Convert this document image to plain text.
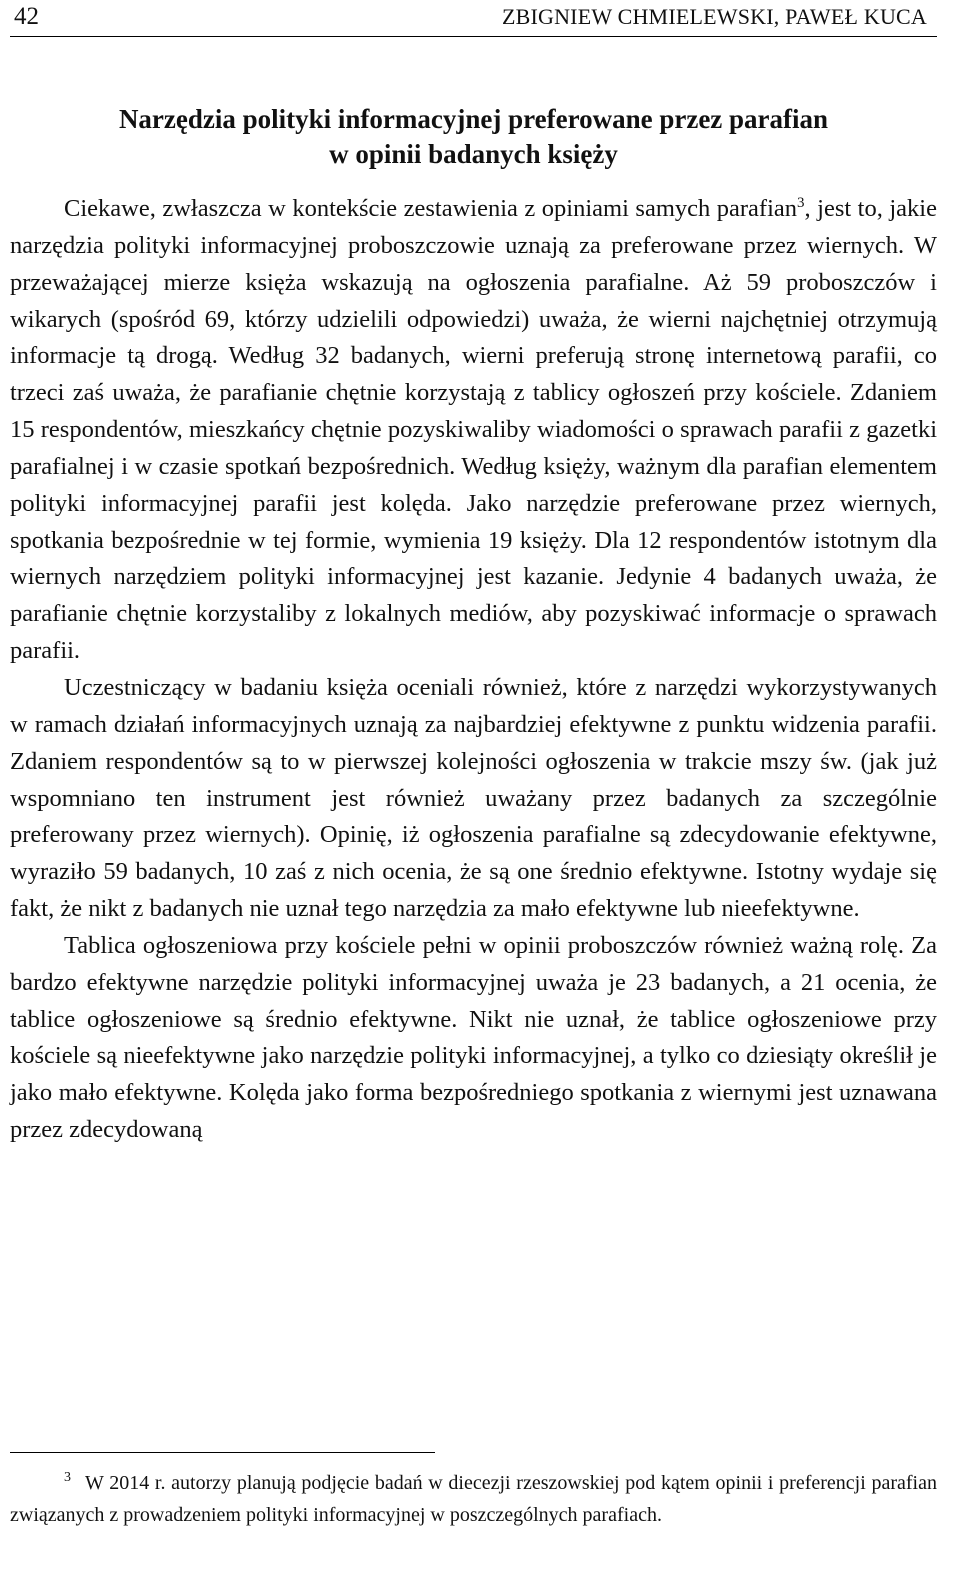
42	ZBIGNIEW CHMIELEWSKI, PAWEŁ KUCA
Narzędzia polityki informacyjnej preferowane przez parafian
w opinii badanych księży

Ciekawe, zwłaszcza w kontekście zestawienia z opiniami samych parafian$^3$, jest to, jakie narzędzia polityki informacyjnej proboszczowie uznają za preferowane przez wiernych. W przeważającej mierze księża wskazują na ogłoszenia parafialne. Aż 59 proboszczów i wikarych (spośród 69, którzy udzielili odpowiedzi) uważa, że wierni najchętniej otrzymują informacje tą drogą. Według 32 badanych, wierni preferują stronę internetową parafii, co trzeci zaś uważa, że parafianie chętnie korzystają z tablicy ogłoszeń przy kościele. Zdaniem 15 respondentów, mieszkańcy chętnie pozyskiwaliby wiadomości o sprawach parafii z gazetki parafialnej i w czasie spotkań bezpośrednich. Według księży, ważnym dla parafian elementem polityki informacyjnej parafii jest kolęda. Jako narzędzie preferowane przez wiernych, spotkania bezpośrednie w tej formie, wymienia 19 księży. Dla 12 respondentów istotnym dla wiernych narzędziem polityki informacyjnej jest kazanie. Jedynie 4 badanych uważa, że parafianie chętnie korzystaliby z lokalnych mediów, aby pozyskiwać informacje o sprawach parafii.

Uczestniczący w badaniu księża oceniali również, które z narzędzi wykorzystywanych w ramach działań informacyjnych uznają za najbardziej efektywne z punktu widzenia parafii. Zdaniem respondentów są to w pierwszej kolejności ogłoszenia w trakcie mszy św. (jak już wspomniano ten instrument jest również uważany przez badanych za szczególnie preferowany przez wiernych). Opinię, iż ogłoszenia parafialne są zdecydowanie efektywne, wyraziło 59 badanych, 10 zaś z nich ocenia, że są one średnio efektywne. Istotny wydaje się fakt, że nikt z badanych nie uznał tego narzędzia za mało efektywne lub nieefektywne.

Tablica ogłoszeniowa przy kościele pełni w opinii proboszczów również ważną rolę. Za bardzo efektywne narzędzie polityki informacyjnej uważa je 23 badanych, a 21 ocenia, że tablice ogłoszeniowe są średnio efektywne. Nikt nie uznał, że tablice ogłoszeniowe przy kościele są nieefektywne jako narzędzie polityki informacyjnej, a tylko co dziesiąty określił je jako mało efektywne. Kolęda jako forma bezpośredniego spotkania z wiernymi jest uznawana przez zdecydowaną

$^3$ W 2014 r. autorzy planują podjęcie badań w diecezji rzeszowskiej pod kątem opinii i preferencji parafian związanych z prowadzeniem polityki informacyjnej w poszczególnych parafiach.
